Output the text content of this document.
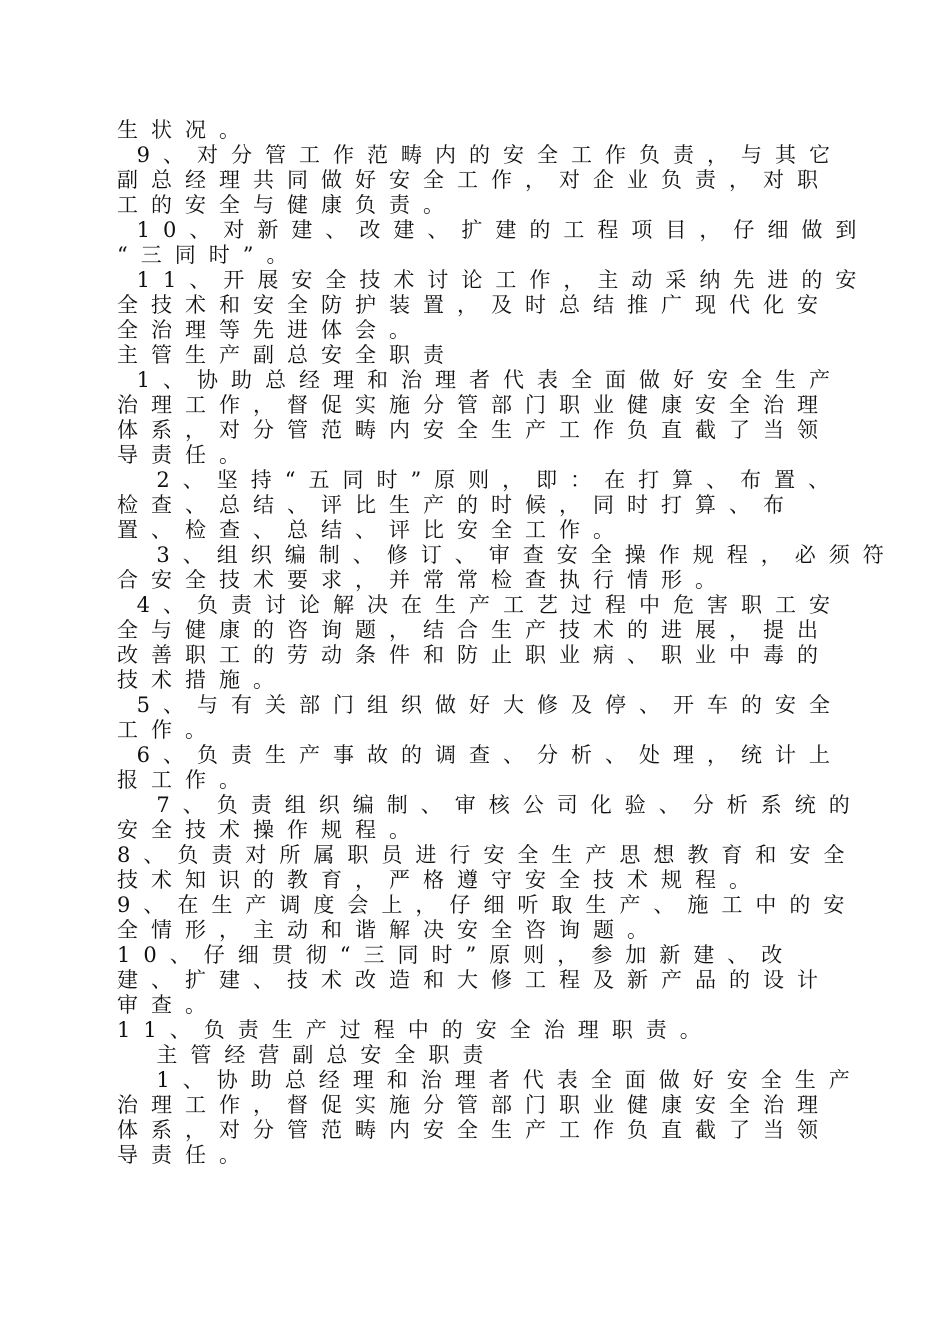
生状况。
9、对分管工作范畴内的安全工作负责，与其它
副总经理共同做好安全工作，对企业负责，对职
工的安全与健康负责。
10、对新建、改建、扩建的工程项目，仔细做到
“三同时”。
11、开展安全技术讨论工作，主动采纳先进的安
全技术和安全防护装置，及时总结推广现代化安
全治理等先进体会。
主管生产副总安全职责
1、协助总经理和治理者代表全面做好安全生产
治理工作，督促实施分管部门职业健康安全治理
体系，对分管范畴内安全生产工作负直截了当领
导责任。
2、坚持“五同时”原则，即：在打算、布置、
检查、总结、评比生产的时候，同时打算、布
置、检查、总结、评比安全工作。
3、组织编制、修订、审查安全操作规程，必须符
合安全技术要求，并常常检查执行情形。
4、负责讨论解决在生产工艺过程中危害职工安
全与健康的咨询题，结合生产技术的进展，提出
改善职工的劳动条件和防止职业病、职业中毒的
技术措施。
5、与有关部门组织做好大修及停、开车的安全
工作。
6、负责生产事故的调查、分析、处理，统计上
报工作。
7、负责组织编制、审核公司化验、分析系统的
安全技术操作规程。
8、负责对所属职员进行安全生产思想教育和安全
技术知识的教育，严格遵守安全技术规程。
9、在生产调度会上，仔细听取生产、施工中的安
全情形，主动和谐解决安全咨询题。
10、仔细贯彻“三同时”原则，参加新建、改
建、扩建、技术改造和大修工程及新产品的设计
审查。
11、负责生产过程中的安全治理职责。
主管经营副总安全职责
1、协助总经理和治理者代表全面做好安全生产
治理工作，督促实施分管部门职业健康安全治理
体系，对分管范畴内安全生产工作负直截了当领
导责任。
